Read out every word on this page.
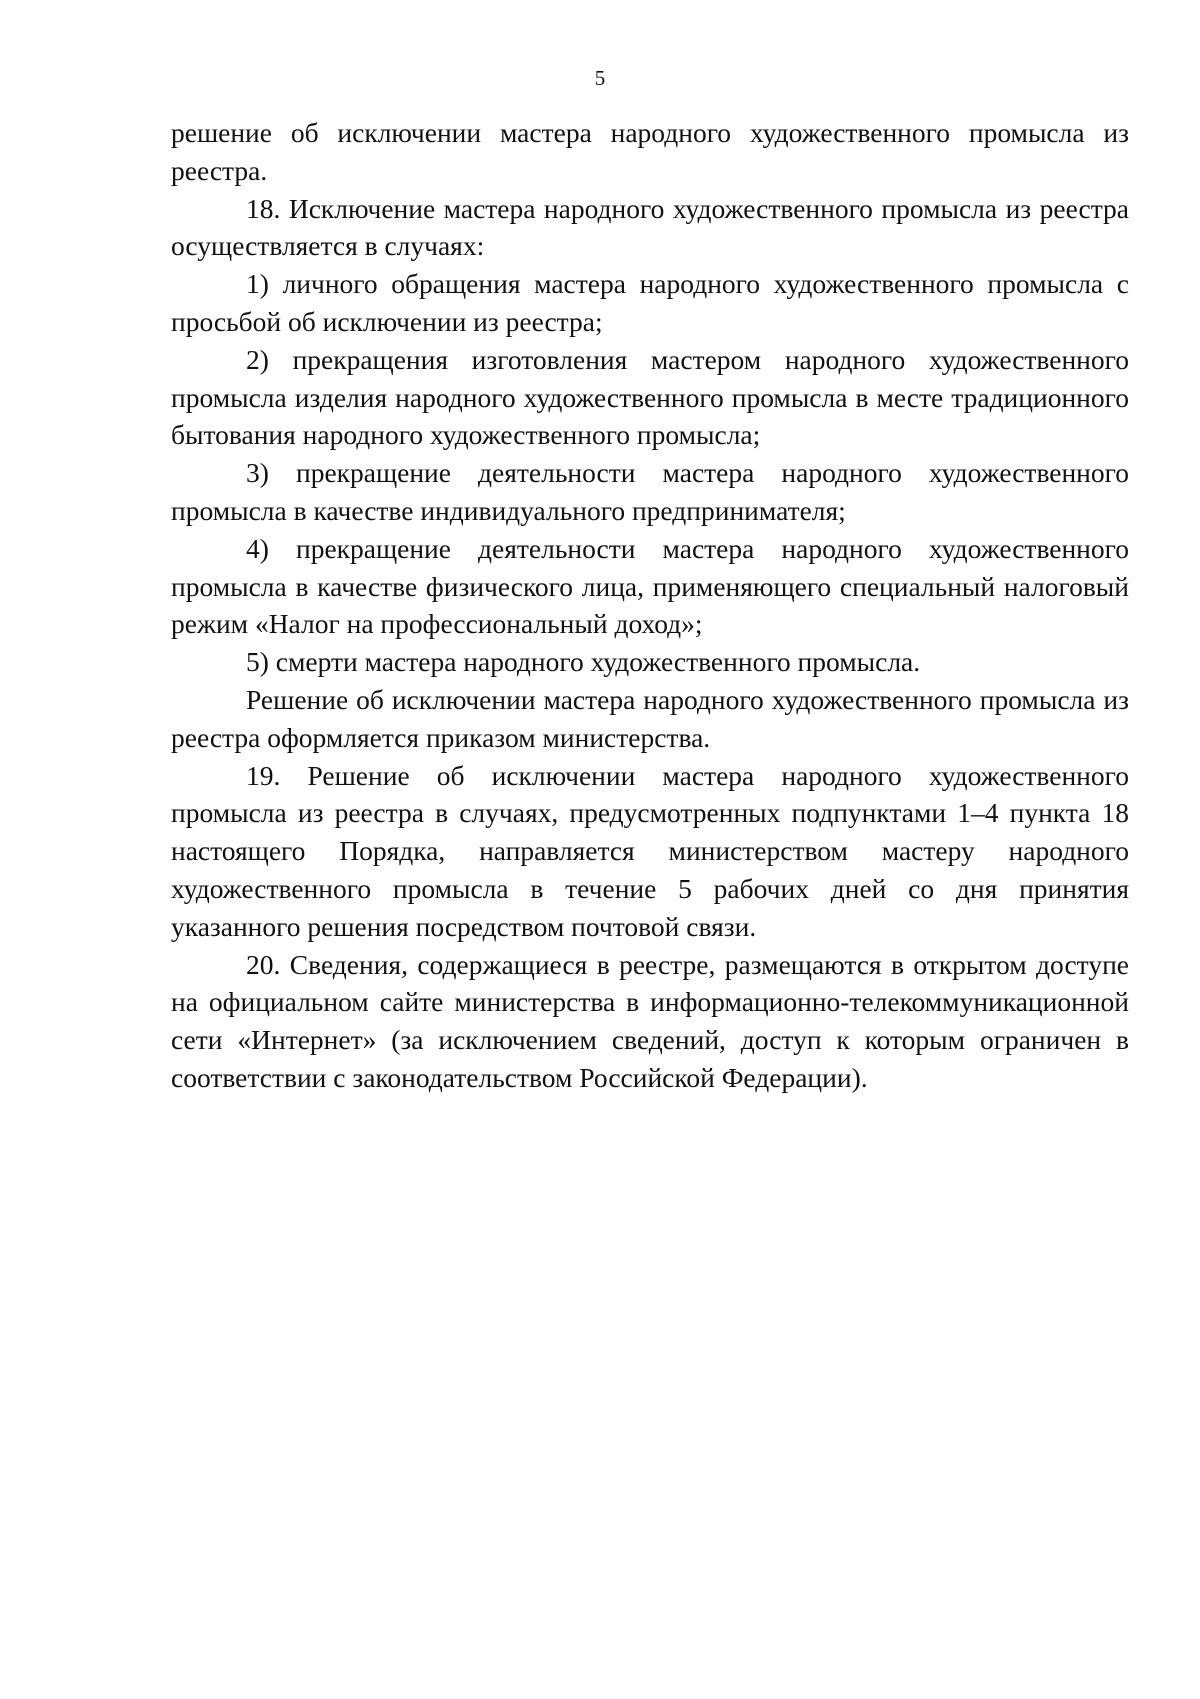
5

решение об исключении мастера народного художественного промысла из реестра.

18. Исключение мастера народного художественного промысла из реестра осуществляется в случаях:

1) личного обращения мастера народного художественного промысла с просьбой об исключении из реестра;

2) прекращения изготовления мастером народного художественного промысла изделия народного художественного промысла в месте традиционного бытования народного художественного промысла;

3) прекращение деятельности мастера народного художественного промысла в качестве индивидуального предпринимателя;

4) прекращение деятельности мастера народного художественного промысла в качестве физического лица, применяющего специальный налоговый режим «Налог на профессиональный доход»;

5) смерти мастера народного художественного промысла.

Решение об исключении мастера народного художественного промысла из реестра оформляется приказом министерства.

19. Решение об исключении мастера народного художественного промысла из реестра в случаях, предусмотренных подпунктами 1–4 пункта 18 настоящего Порядка, направляется министерством мастеру народного художественного промысла в течение 5 рабочих дней со дня принятия указанного решения посредством почтовой связи.

20. Сведения, содержащиеся в реестре, размещаются в открытом доступе на официальном сайте министерства в информационно-телекоммуникационной сети «Интернет» (за исключением сведений, доступ к которым ограничен в соответствии с законодательством Российской Федерации).
